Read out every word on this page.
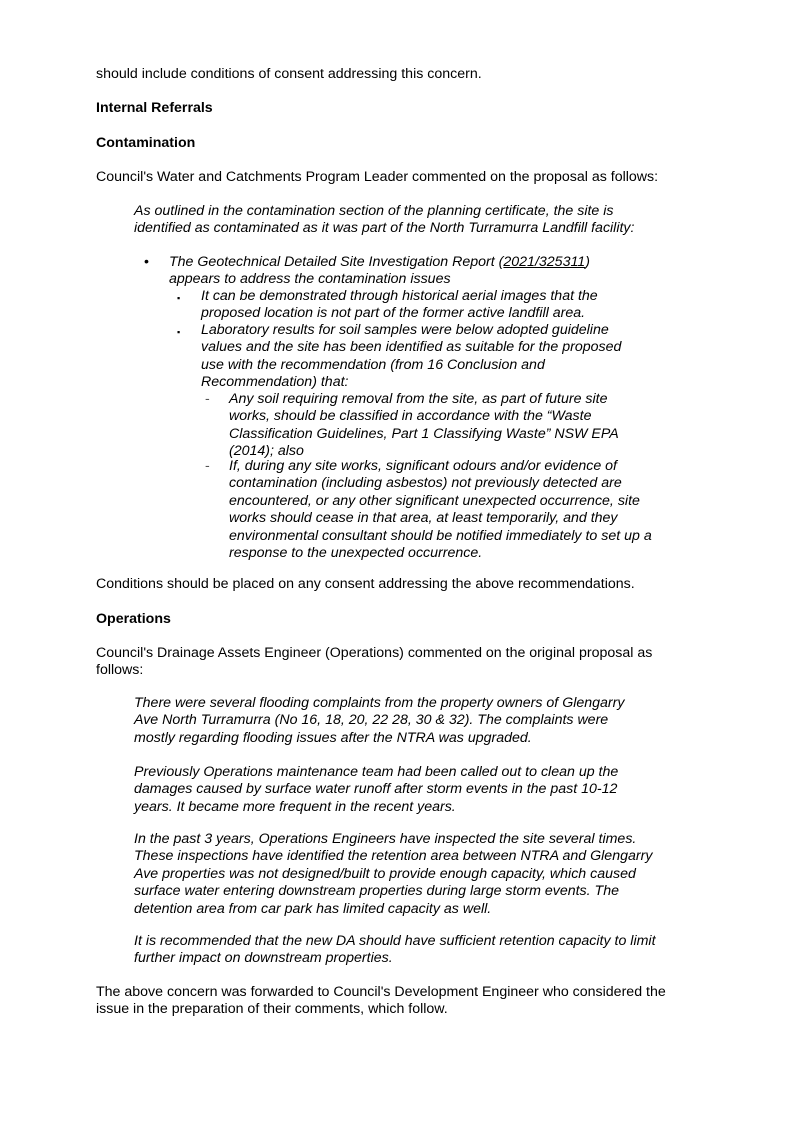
should include conditions of consent addressing this concern.

Internal Referrals

Contamination

Council's Water and Catchments Program Leader commented on the proposal as follows:

As outlined in the contamination section of the planning certificate, the site is identified as contaminated as it was part of the North Turramurra Landfill facility:

• The Geotechnical Detailed Site Investigation Report (2021/325311) appears to address the contamination issues

▪ It can be demonstrated through historical aerial images that the proposed location is not part of the former active landfill area.

▪ Laboratory results for soil samples were below adopted guideline values and the site has been identified as suitable for the proposed use with the recommendation (from 16 Conclusion and Recommendation) that:

- Any soil requiring removal from the site, as part of future site works, should be classified in accordance with the “Waste Classification Guidelines, Part 1 Classifying Waste” NSW EPA (2014); also

- If, during any site works, significant odours and/or evidence of contamination (including asbestos) not previously detected are encountered, or any other significant unexpected occurrence, site works should cease in that area, at least temporarily, and they environmental consultant should be notified immediately to set up a response to the unexpected occurrence.

Conditions should be placed on any consent addressing the above recommendations.

Operations

Council's Drainage Assets Engineer (Operations) commented on the original proposal as follows:

There were several flooding complaints from the property owners of Glengarry Ave North Turramurra (No 16, 18, 20, 22 28, 30 & 32). The complaints were mostly regarding flooding issues after the NTRA was upgraded.

Previously Operations maintenance team had been called out to clean up the damages caused by surface water runoff after storm events in the past 10-12 years. It became more frequent in the recent years.

In the past 3 years, Operations Engineers have inspected the site several times. These inspections have identified the retention area between NTRA and Glengarry Ave properties was not designed/built to provide enough capacity, which caused surface water entering downstream properties during large storm events. The detention area from car park has limited capacity as well.

It is recommended that the new DA should have sufficient retention capacity to limit further impact on downstream properties.

The above concern was forwarded to Council's Development Engineer who considered the issue in the preparation of their comments, which follow.
